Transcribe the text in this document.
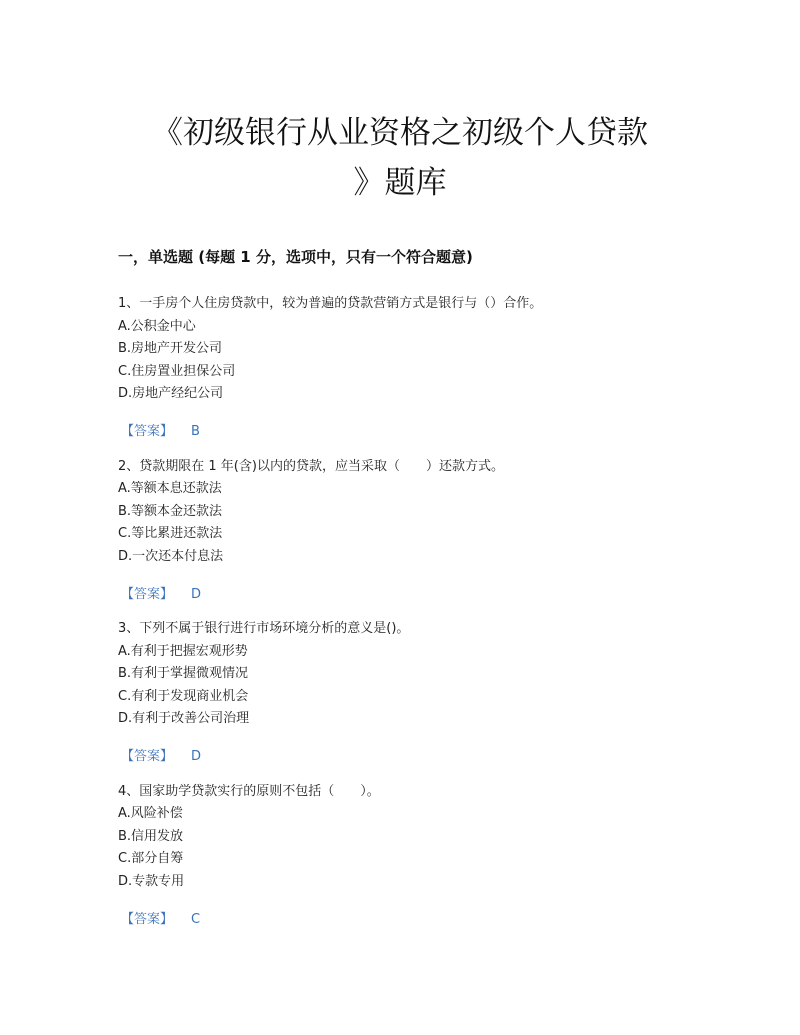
《初级银行从业资格之初级个人贷款
》题库
一，单选题 (每题 1 分，选项中，只有一个符合题意)
1、一手房个人住房贷款中，较为普遍的贷款营销方式是银行与（）合作。
A.公积金中心
B.房地产开发公司
C.住房置业担保公司
D.房地产经纪公司
【答案】 B
2、贷款期限在 1 年(含)以内的贷款，应当采取（　　）还款方式。
A.等额本息还款法
B.等额本金还款法
C.等比累进还款法
D.一次还本付息法
【答案】 D
3、下列不属于银行进行市场环境分析的意义是()。
A.有利于把握宏观形势
B.有利于掌握微观情况
C.有利于发现商业机会
D.有利于改善公司治理
【答案】 D
4、国家助学贷款实行的原则不包括（　　）。
A.风险补偿
B.信用发放
C.部分自筹
D.专款专用
【答案】 C
